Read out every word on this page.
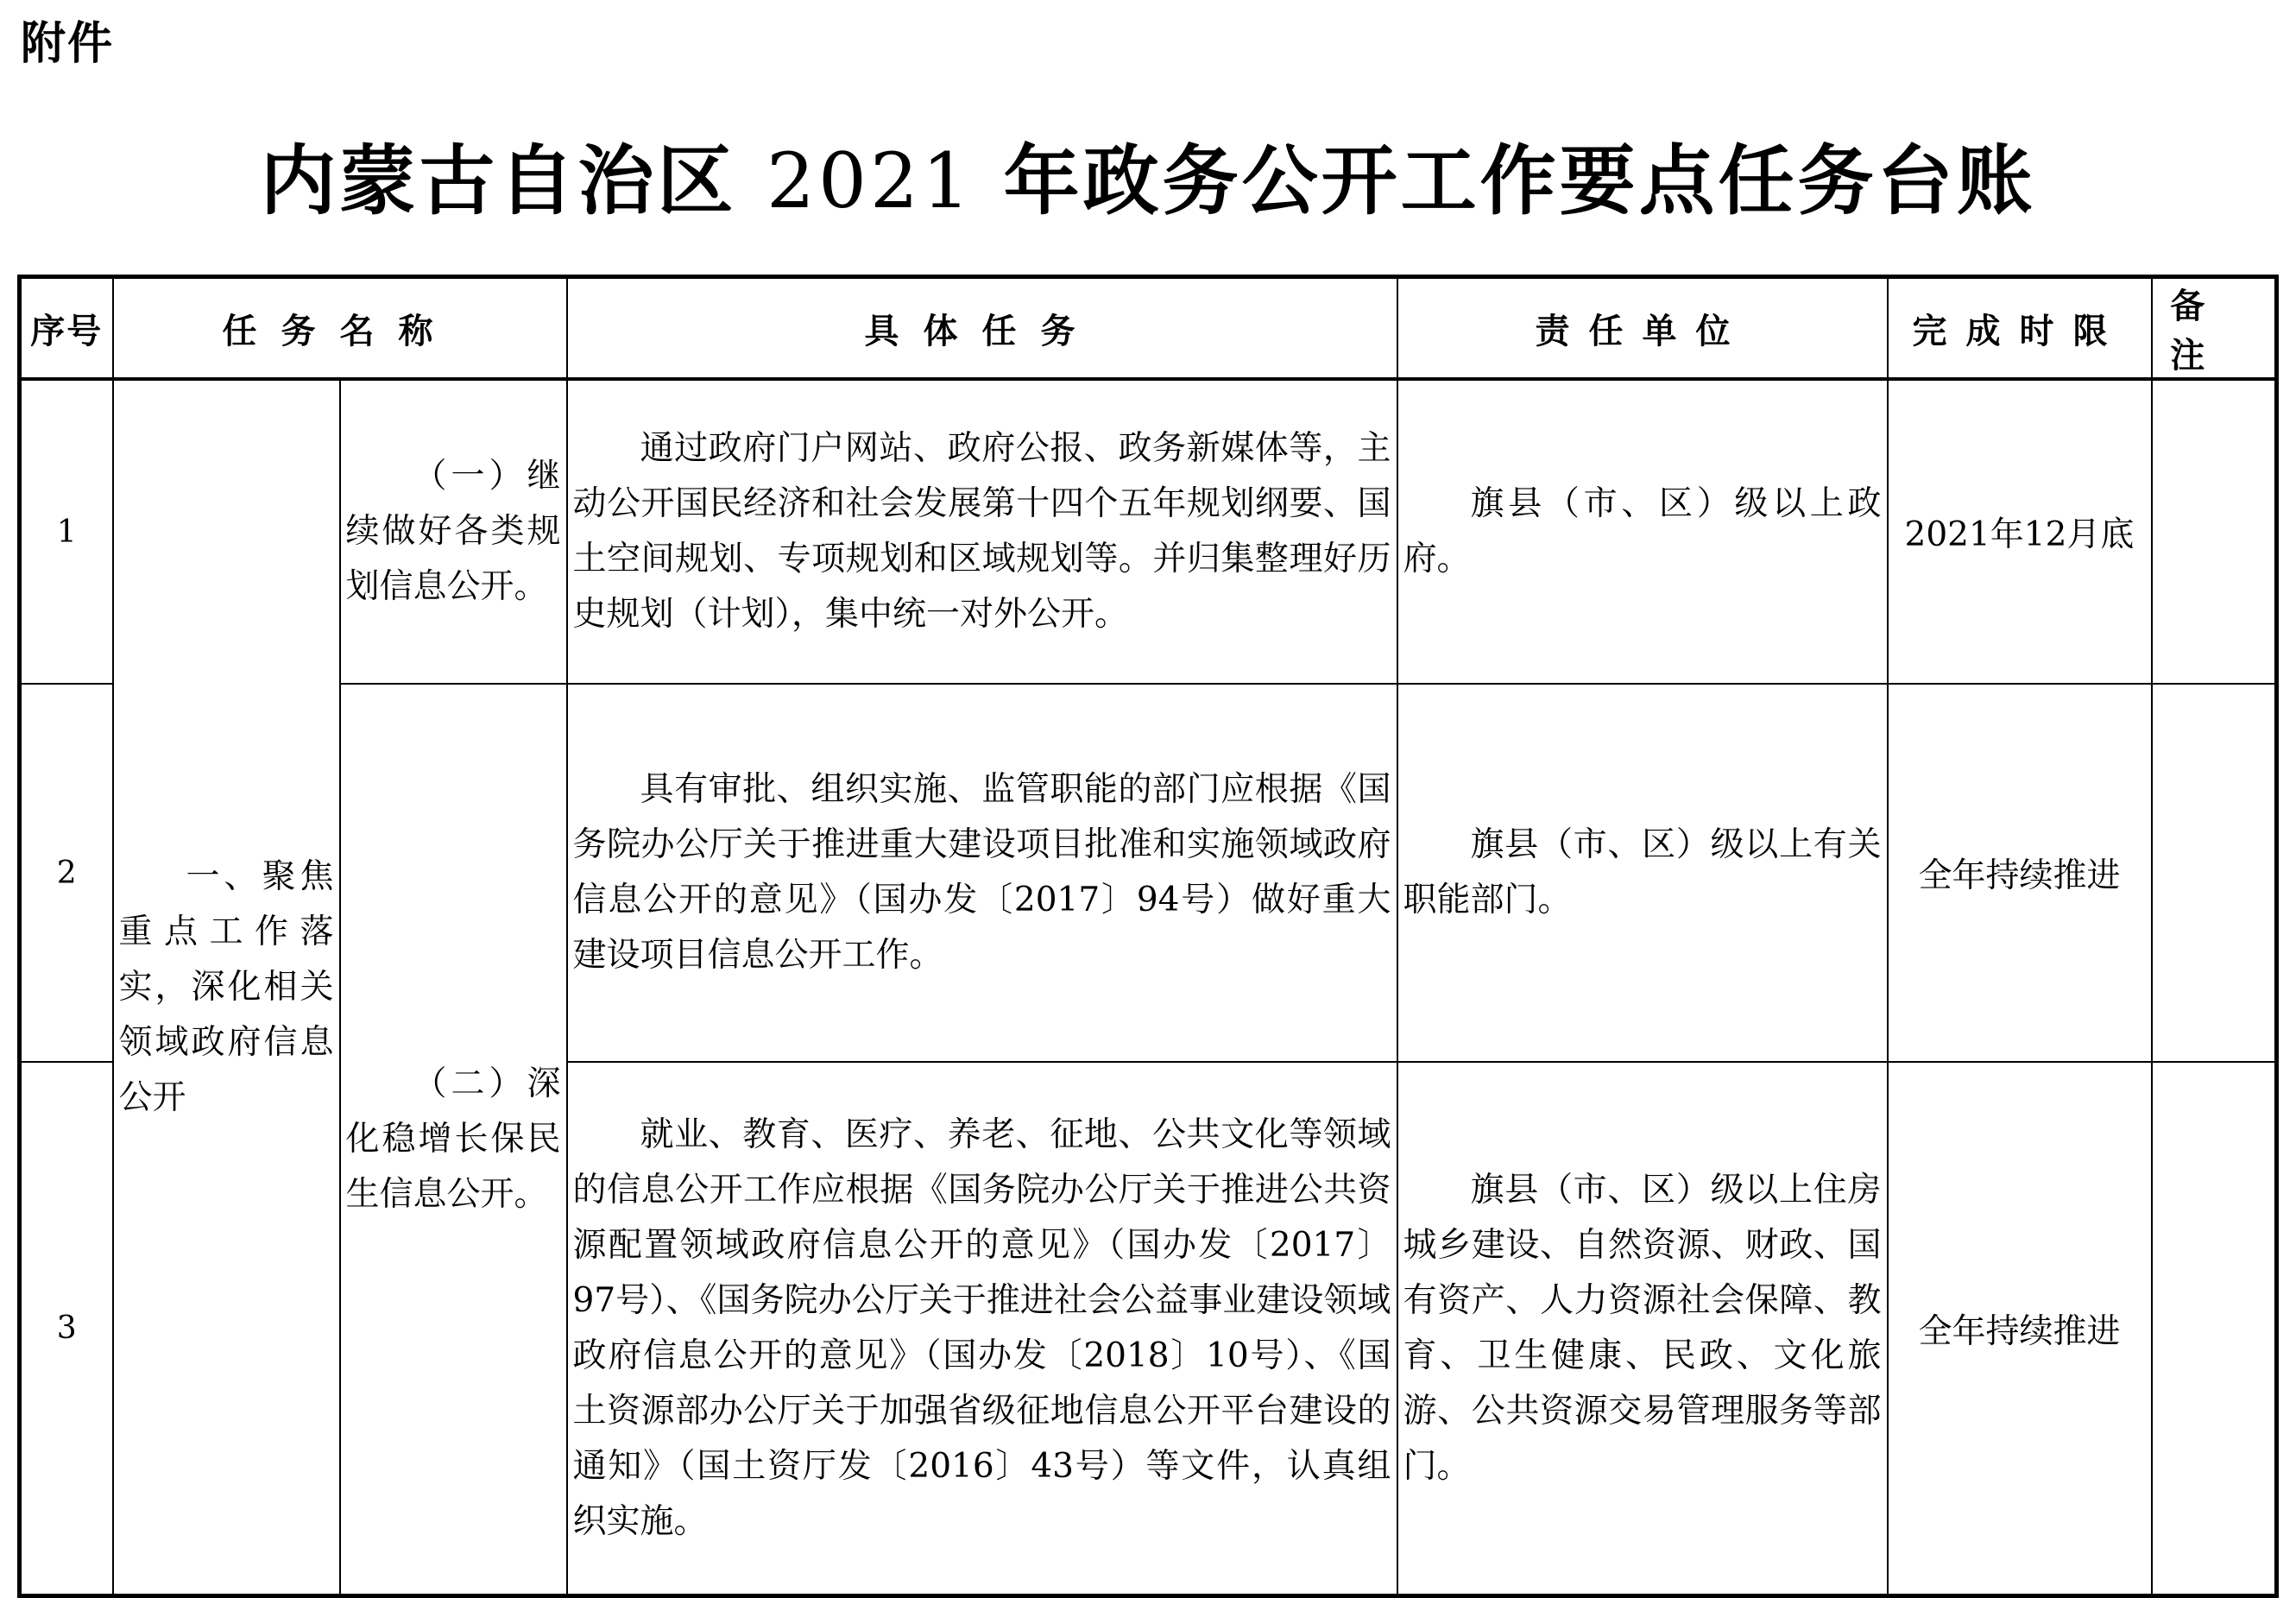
附件
内蒙古自治区 2021 年政务公开工作要点任务台账
序号	任务名称		具体任务	责任单位	完成时限	备注
1	一、聚焦重点工作落实，深化相关领域政府信息公开	（一）继续做好各类规划信息公开。	通过政府门户网站、政府公报、政务新媒体等，主动公开国民经济和社会发展第十四个五年规划纲要、国土空间规划、专项规划和区域规划等。并归集整理好历史规划（计划），集中统一对外公开。	旗县（市、区）级以上政府。	2021年12月底	
2		（二）深化稳增长保民生信息公开。	具有审批、组织实施、监管职能的部门应根据《国务院办公厅关于推进重大建设项目批准和实施领域政府信息公开的意见》（国办发〔2017〕94号）做好重大建设项目信息公开工作。	旗县（市、区）级以上有关职能部门。	全年持续推进	
3			就业、教育、医疗、养老、征地、公共文化等领域的信息公开工作应根据《国务院办公厅关于推进公共资源配置领域政府信息公开的意见》（国办发〔2017〕97号）、《国务院办公厅关于推进社会公益事业建设领域政府信息公开的意见》（国办发〔2018〕10号）、《国土资源部办公厅关于加强省级征地信息公开平台建设的通知》（国土资厅发〔2016〕43号）等文件，认真组织实施。	旗县（市、区）级以上住房城乡建设、自然资源、财政、国有资产、人力资源社会保障、教育、卫生健康、民政、文化旅游、公共资源交易管理服务等部门。	全年持续推进	
